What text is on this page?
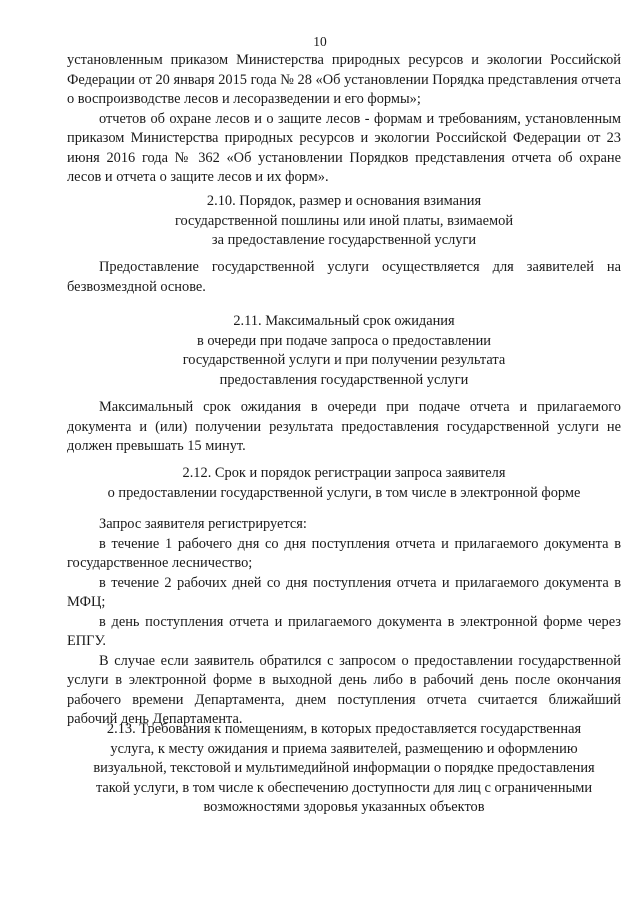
10

установленным приказом Министерства природных ресурсов и экологии Российской Федерации от 20 января 2015 года № 28 «Об установлении Порядка представления отчета о воспроизводстве лесов и лесоразведении и его формы»;

отчетов об охране лесов и о защите лесов - формам и требованиям, установленным приказом Министерства природных ресурсов и экологии Российской Федерации от 23 июня 2016 года № 362 «Об установлении Порядков представления отчета об охране лесов и отчета о защите лесов и их форм».

2.10. Порядок, размер и основания взимания
государственной пошлины или иной платы, взимаемой
за предоставление государственной услуги

Предоставление государственной услуги осуществляется для заявителей на безвозмездной основе.

2.11. Максимальный срок ожидания
в очереди при подаче запроса о предоставлении
государственной услуги и при получении результата
предоставления государственной услуги

Максимальный срок ожидания в очереди при подаче отчета и прилагаемого документа и (или) получении результата предоставления государственной услуги не должен превышать 15 минут.

2.12. Срок и порядок регистрации запроса заявителя
о предоставлении государственной услуги, в том числе в электронной форме

Запрос заявителя регистрируется:

в течение 1 рабочего дня со дня поступления отчета и прилагаемого документа в государственное лесничество;

в течение 2 рабочих дней со дня поступления отчета и прилагаемого документа в МФЦ;

в день поступления отчета и прилагаемого документа в электронной форме через ЕПГУ.

В случае если заявитель обратился с запросом о предоставлении государственной услуги в электронной форме в выходной день либо в рабочий день после окончания рабочего времени Департамента, днем поступления отчета считается ближайший рабочий день Департамента.

2.13. Требования к помещениям, в которых предоставляется государственная
услуга, к месту ожидания и приема заявителей, размещению и оформлению
визуальной, текстовой и мультимедийной информации о порядке предоставления
такой услуги, в том числе к обеспечению доступности для лиц с ограниченными
возможностями здоровья указанных объектов
